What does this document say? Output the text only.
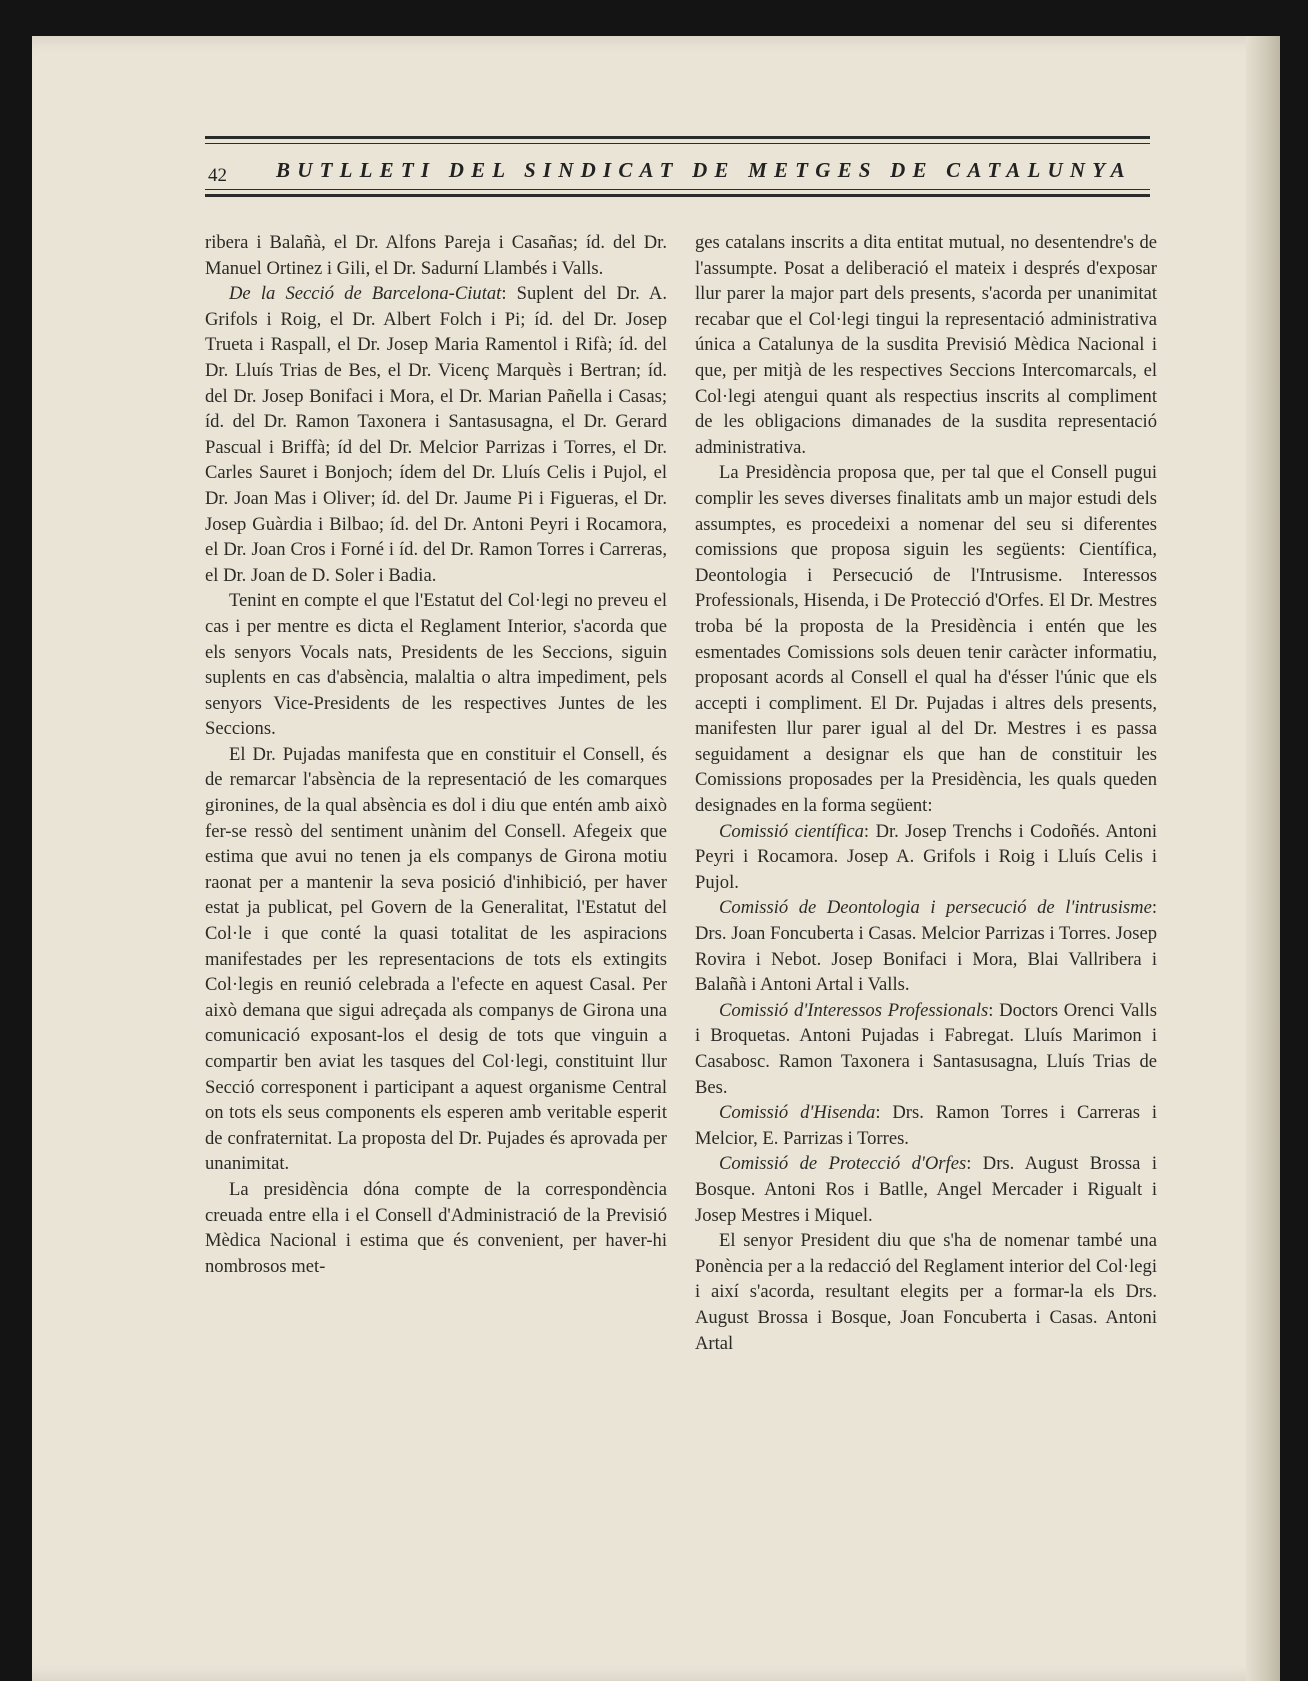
42 BUTLLETI DEL SINDICAT DE METGES DE CATALUNYA

ribera i Balañà, el Dr. Alfons Pareja i Casañas; íd. del Dr. Manuel Ortinez i Gili, el Dr. Sadurní Llambés i Valls.

De la Secció de Barcelona-Ciutat: Suplent del Dr. A. Grifols i Roig, el Dr. Albert Folch i Pi; íd. del Dr. Josep Trueta i Raspall, el Dr. Josep Maria Ramentol i Rifà; íd. del Dr. Lluís Trias de Bes, el Dr. Vicenç Marquès i Bertran; íd. del Dr. Josep Bonifaci i Mora, el Dr. Marian Pañella i Casas; íd. del Dr. Ramon Taxonera i Santasusagna, el Dr. Gerard Pascual i Briffà; íd del Dr. Melcior Parrizas i Torres, el Dr. Carles Sauret i Bonjoch; ídem del Dr. Lluís Celis i Pujol, el Dr. Joan Mas i Oliver; íd. del Dr. Jaume Pi i Figueras, el Dr. Josep Guàrdia i Bilbao; íd. del Dr. Antoni Peyri i Rocamora, el Dr. Joan Cros i Forné i íd. del Dr. Ramon Torres i Carreras, el Dr. Joan de D. Soler i Badia.

Tenint en compte el que l'Estatut del Col·legi no preveu el cas i per mentre es dicta el Reglament Interior, s'acorda que els senyors Vocals nats, Presidents de les Seccions, siguin suplents en cas d'absència, malaltia o altra impediment, pels senyors Vice-Presidents de les respectives Juntes de les Seccions.

El Dr. Pujadas manifesta que en constituir el Consell, és de remarcar l'absència de la representació de les comarques gironines, de la qual absència es dol i diu que entén amb això fer-se ressò del sentiment unànim del Consell. Afegeix que estima que avui no tenen ja els companys de Girona motiu raonat per a mantenir la seva posició d'inhibició, per haver estat ja publicat, pel Govern de la Generalitat, l'Estatut del Col·le i que conté la quasi totalitat de les aspiracions manifestades per les representacions de tots els extingits Col·legis en reunió celebrada a l'efecte en aquest Casal. Per això demana que sigui adreçada als companys de Girona una comunicació exposant-los el desig de tots que vinguin a compartir ben aviat les tasques del Col·legi, constituint llur Secció corresponent i participant a aquest organisme Central on tots els seus components els esperen amb veritable esperit de confraternitat. La proposta del Dr. Pujades és aprovada per unanimitat.

La presidència dóna compte de la correspondència creuada entre ella i el Consell d'Administració de la Previsió Mèdica Nacional i estima que és convenient, per haver-hi nombrosos met-

ges catalans inscrits a dita entitat mutual, no desentendre's de l'assumpte. Posat a deliberació el mateix i després d'exposar llur parer la major part dels presents, s'acorda per unanimitat recabar que el Col·legi tingui la representació administrativa única a Catalunya de la susdita Previsió Mèdica Nacional i que, per mitjà de les respectives Seccions Intercomarcals, el Col·legi atengui quant als respectius inscrits al compliment de les obligacions dimanades de la susdita representació administrativa.

La Presidència proposa que, per tal que el Consell pugui complir les seves diverses finalitats amb un major estudi dels assumptes, es procedeixi a nomenar del seu si diferentes comissions que proposa siguin les següents: Científica, Deontologia i Persecució de l'Intrusisme. Interessos Professionals, Hisenda, i De Protecció d'Orfes. El Dr. Mestres troba bé la proposta de la Presidència i entén que les esmentades Comissions sols deuen tenir caràcter informatiu, proposant acords al Consell el qual ha d'ésser l'únic que els accepti i compliment. El Dr. Pujadas i altres dels presents, manifesten llur parer igual al del Dr. Mestres i es passa seguidament a designar els que han de constituir les Comissions proposades per la Presidència, les quals queden designades en la forma següent:

Comissió científica: Dr. Josep Trenchs i Codoñés. Antoni Peyri i Rocamora. Josep A. Grifols i Roig i Lluís Celis i Pujol.

Comissió de Deontologia i persecució de l'intrusisme: Drs. Joan Foncuberta i Casas. Melcior Parrizas i Torres. Josep Rovira i Nebot. Josep Bonifaci i Mora, Blai Vallribera i Balañà i Antoni Artal i Valls.

Comissió d'Interessos Professionals: Doctors Orenci Valls i Broquetas. Antoni Pujadas i Fabregat. Lluís Marimon i Casabosc. Ramon Taxonera i Santasusagna, Lluís Trias de Bes.

Comissió d'Hisenda: Drs. Ramon Torres i Carreras i Melcior, E. Parrizas i Torres.

Comissió de Protecció d'Orfes: Drs. August Brossa i Bosque. Antoni Ros i Batlle, Angel Mercader i Rigualt i Josep Mestres i Miquel.

El senyor President diu que s'ha de nomenar també una Ponència per a la redacció del Reglament interior del Col·legi i així s'acorda, resultant elegits per a formar-la els Drs. August Brossa i Bosque, Joan Foncuberta i Casas. Antoni Artal
